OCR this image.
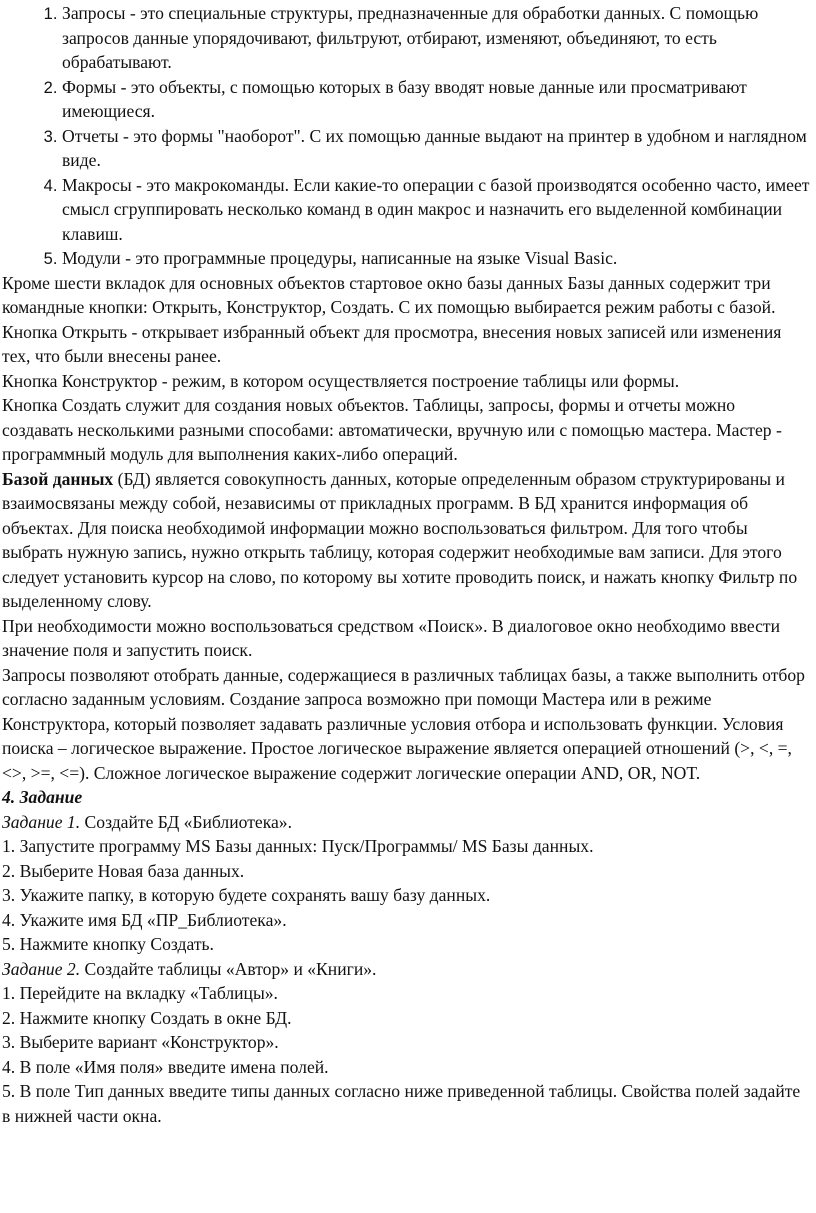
1. Запросы - это специальные структуры, предназначенные для обработки данных. С помощью запросов данные упорядочивают, фильтруют, отбирают, изменяют, объединяют, то есть обрабатывают.
2. Формы - это объекты, с помощью которых в базу вводят новые данные или просматривают имеющиеся.
3. Отчеты - это формы "наоборот". С их помощью данные выдают на принтер в удобном и наглядном виде.
4. Макросы - это макрокоманды. Если какие-то операции с базой производятся особенно часто, имеет смысл сгруппировать несколько команд в один макрос и назначить его выделенной комбинации клавиш.
5. Модули - это программные процедуры, написанные на языке Visual Basic.

Кроме шести вкладок для основных объектов стартовое окно базы данных Базы данных содержит три командные кнопки: Открыть, Конструктор, Создать. С их помощью выбирается режим работы с базой.

Кнопка Открыть - открывает избранный объект для просмотра, внесения новых записей или изменения тех, что были внесены ранее.

Кнопка Конструктор - режим, в котором осуществляется построение таблицы или формы.

Кнопка Создать служит для создания новых объектов. Таблицы, запросы, формы и отчеты можно создавать несколькими разными способами: автоматически, вручную или с помощью мастера. Мастер - программный модуль для выполнения каких-либо операций.

Базой данных (БД) является совокупность данных, которые определенным образом структурированы и взаимосвязаны между собой, независимы от прикладных программ. В БД хранится информация об объектах. Для поиска необходимой информации можно воспользоваться фильтром. Для того чтобы выбрать нужную запись, нужно открыть таблицу, которая содержит необходимые вам записи. Для этого следует установить курсор на слово, по которому вы хотите проводить поиск, и нажать кнопку Фильтр по выделенному слову.

При необходимости можно воспользоваться средством «Поиск». В диалоговое окно необходимо ввести значение поля и запустить поиск.

Запросы позволяют отобрать данные, содержащиеся в различных таблицах базы, а также выполнить отбор согласно заданным условиям. Создание запроса возможно при помощи Мастера или в режиме Конструктора, который позволяет задавать различные условия отбора и использовать функции. Условия поиска – логическое выражение. Простое логическое выражение является операцией отношений (>, <, =, <>, >=, <=). Сложное логическое выражение содержит логические операции AND, OR, NOT.

4. Задание

Задание 1. Создайте БД «Библиотека».

1. Запустите программу MS Базы данных: Пуск/Программы/ MS Базы данных.

2. Выберите Новая база данных.

3. Укажите папку, в которую будете сохранять вашу базу данных.

4. Укажите имя БД «ПР_Библиотека».

5. Нажмите кнопку Создать.

Задание 2. Создайте таблицы «Автор» и «Книги».

1. Перейдите на вкладку «Таблицы».

2. Нажмите кнопку Создать в окне БД.

3. Выберите вариант «Конструктор».

4. В поле «Имя поля» введите имена полей.

5. В поле Тип данных введите типы данных согласно ниже приведенной таблицы. Свойства полей задайте в нижней части окна.
